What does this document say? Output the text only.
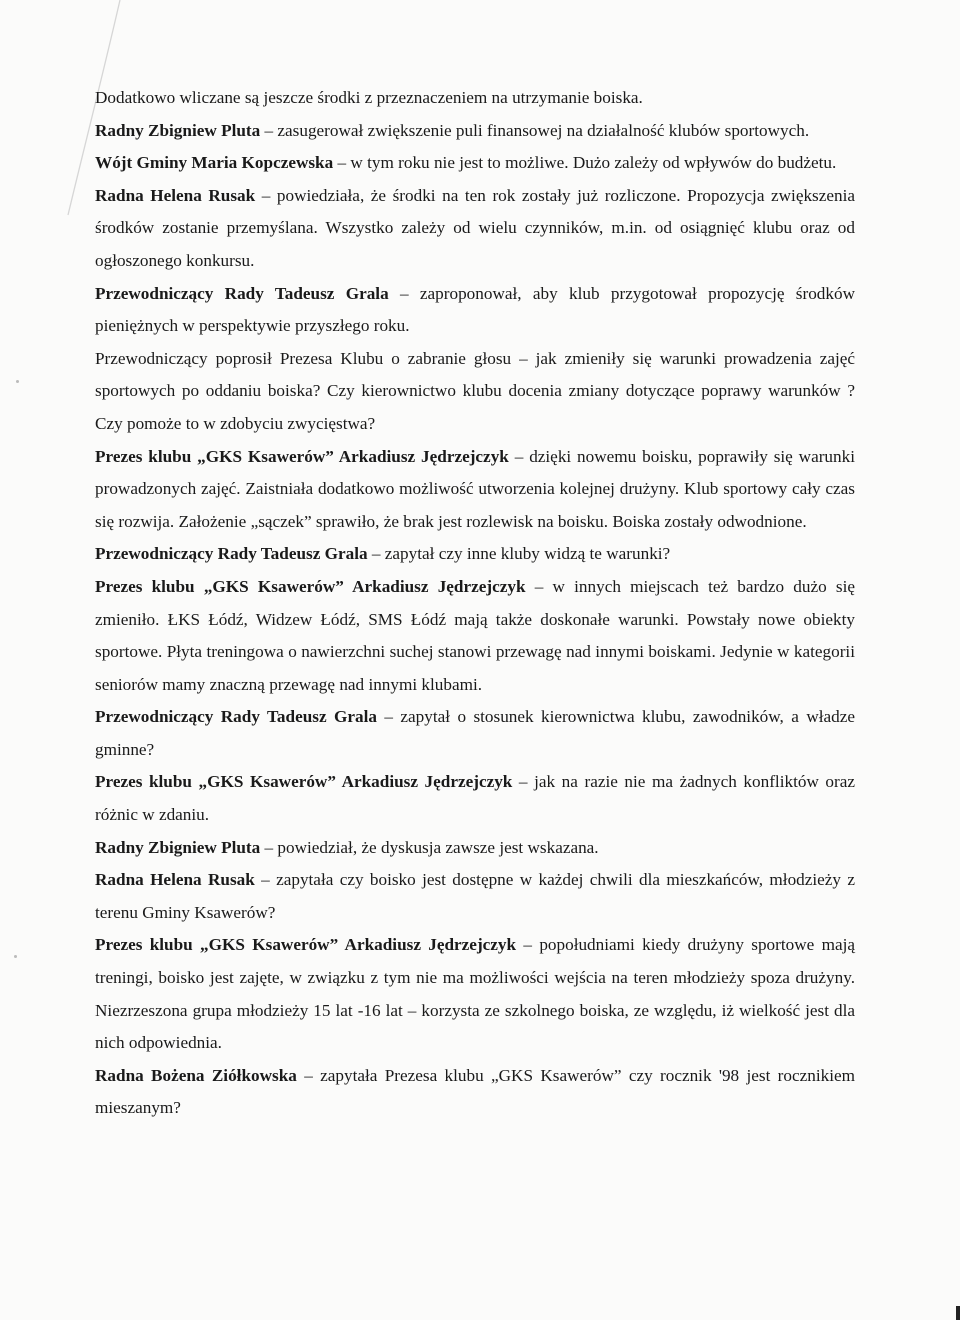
Dodatkowo wliczane są jeszcze środki z przeznaczeniem na utrzymanie boiska.

Radny Zbigniew Pluta – zasugerował zwiększenie puli finansowej na działalność klubów sportowych.

Wójt Gminy Maria Kopczewska – w tym roku nie jest to możliwe. Dużo zależy od wpływów do budżetu.

Radna Helena Rusak – powiedziała, że środki na ten rok zostały już rozliczone. Propozycja zwiększenia środków zostanie przemyślana. Wszystko zależy od wielu czynników, m.in. od osiągnięć klubu oraz od ogłoszonego konkursu.

Przewodniczący Rady Tadeusz Grala – zaproponował, aby klub przygotował propozycję środków pieniężnych w perspektywie przyszłego roku.

Przewodniczący poprosił Prezesa Klubu o zabranie głosu – jak zmieniły się warunki prowadzenia zajęć sportowych po oddaniu boiska? Czy kierownictwo klubu docenia zmiany dotyczące poprawy warunków ? Czy pomoże to w zdobyciu zwycięstwa?

Prezes klubu „GKS Ksawerów” Arkadiusz Jędrzejczyk – dzięki nowemu boisku, poprawiły się warunki prowadzonych zajęć. Zaistniała dodatkowo możliwość utworzenia kolejnej drużyny. Klub sportowy cały czas się rozwija. Założenie „sączek” sprawiło, że brak jest rozlewisk na boisku. Boiska zostały odwodnione.

Przewodniczący Rady Tadeusz Grala – zapytał czy inne kluby widzą te warunki?

Prezes klubu „GKS Ksawerów” Arkadiusz Jędrzejczyk – w innych miejscach też bardzo dużo się zmieniło. ŁKS Łódź, Widzew Łódź, SMS Łódź mają także doskonałe warunki. Powstały nowe obiekty sportowe. Płyta treningowa o nawierzchni suchej stanowi przewagę nad innymi boiskami. Jedynie w kategorii seniorów mamy znaczną przewagę nad innymi klubami.

Przewodniczący Rady Tadeusz Grala – zapytał o stosunek kierownictwa klubu, zawodników, a władze gminne?

Prezes klubu „GKS Ksawerów” Arkadiusz Jędrzejczyk – jak na razie nie ma żadnych konfliktów oraz różnic w zdaniu.

Radny Zbigniew Pluta – powiedział, że dyskusja zawsze jest wskazana.

Radna Helena Rusak – zapytała czy boisko jest dostępne w każdej chwili dla mieszkańców, młodzieży z terenu Gminy Ksawerów?

Prezes klubu „GKS Ksawerów” Arkadiusz Jędrzejczyk – popołudniami kiedy drużyny sportowe mają treningi, boisko jest zajęte, w związku z tym nie ma możliwości wejścia na teren młodzieży spoza drużyny. Niezrzeszona grupa młodzieży 15 lat -16 lat – korzysta ze szkolnego boiska, ze względu, iż wielkość jest dla nich odpowiednia.

Radna Bożena Ziółkowska – zapytała Prezesa klubu „GKS Ksawerów” czy rocznik '98 jest rocznikiem mieszanym?
